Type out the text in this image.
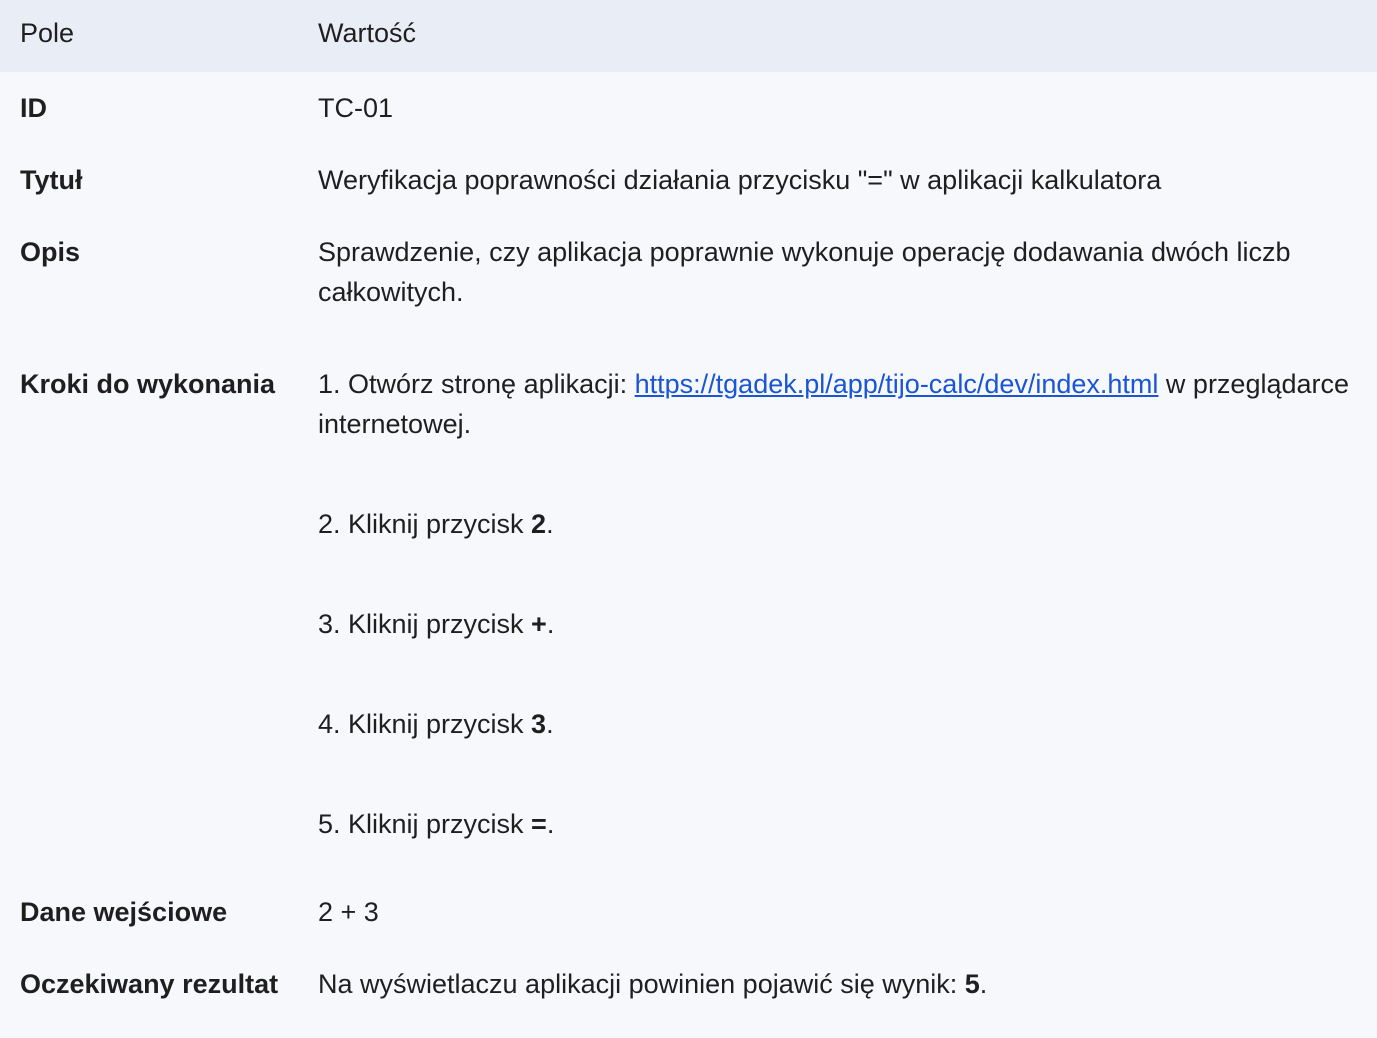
Pole	Wartość
ID	TC-01
Tytuł	Weryfikacja poprawności działania przycisku "=" w aplikacji kalkulatora
Opis	Sprawdzenie, czy aplikacja poprawnie wykonuje operację dodawania dwóch liczb całkowitych.
Kroki do wykonania	1. Otwórz stronę aplikacji: https://tgadek.pl/app/tijo-calc/dev/index.html w przeglądarce internetowej.

2. Kliknij przycisk 2.

3. Kliknij przycisk +.

4. Kliknij przycisk 3.

5. Kliknij przycisk =.

Dane wejściowe	2 + 3
Oczekiwany rezultat	Na wyświetlaczu aplikacji powinien pojawić się wynik: 5.
